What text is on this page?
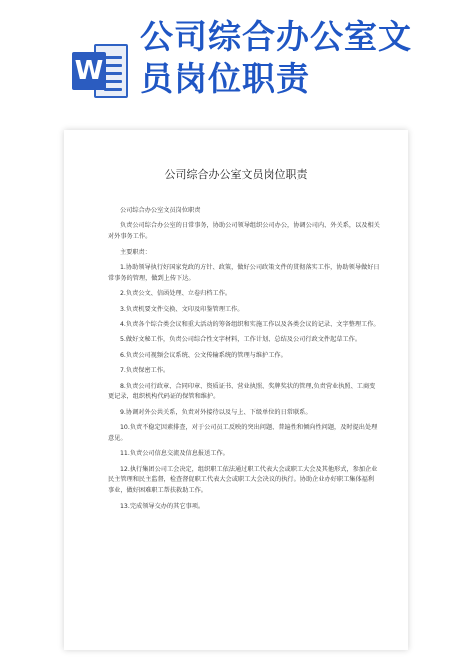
W
公司综合办公室文
员岗位职责
公司综合办公室文员岗位职责

公司综合办公室文员岗位职责

负责公司综合办公室的日常事务，协助公司领导组织公司办公，协调公司内、外关系，以及相关对外事务工作。

主要职责：

1.协助领导执行好国家党政的方针、政策，做好公司政策文件的贯彻落实工作，协助领导做好日常事务的管理，做到上传下达。

2.负责公文、信函处理、立卷归档工作。

3.负责机要文件交换、文印及印鉴管理工作。

4.负责各个综合类会议和重大活动的筹备组织和实施工作以及各类会议的记录、文字整理工作。

5.做好文秘工作，负责公司综合性文字材料，工作计划、总结及公司行政文件起草工作。

6.负责公司视频会议系统、公文传输系统的管理与维护工作。

7.负责保密工作。

8.负责公司行政章、合同印章、资质证书、营业执照、奖牌奖状的管理,负责营业执照、工商变更记录，组织机构代码证的保管和维护。

9.协调对外公共关系，负责对外接待以及与上、下级单位的日常联系。

10.负责不稳定因素排查，对于公司员工反映的突出问题、普遍性和倾向性问题，及时提出处理意见。

11.负责公司信息交流及信息报送工作。

12.执行集团公司工会决定，组织职工依法通过职工代表大会或职工大会及其他形式，参加企业民主管理和民主监督，检查督促职工代表大会或职工大会决议的执行。协助企业办好职工集体福利事业，做好困难职工帮扶救助工作。

13.完成领导交办的其它事项。
